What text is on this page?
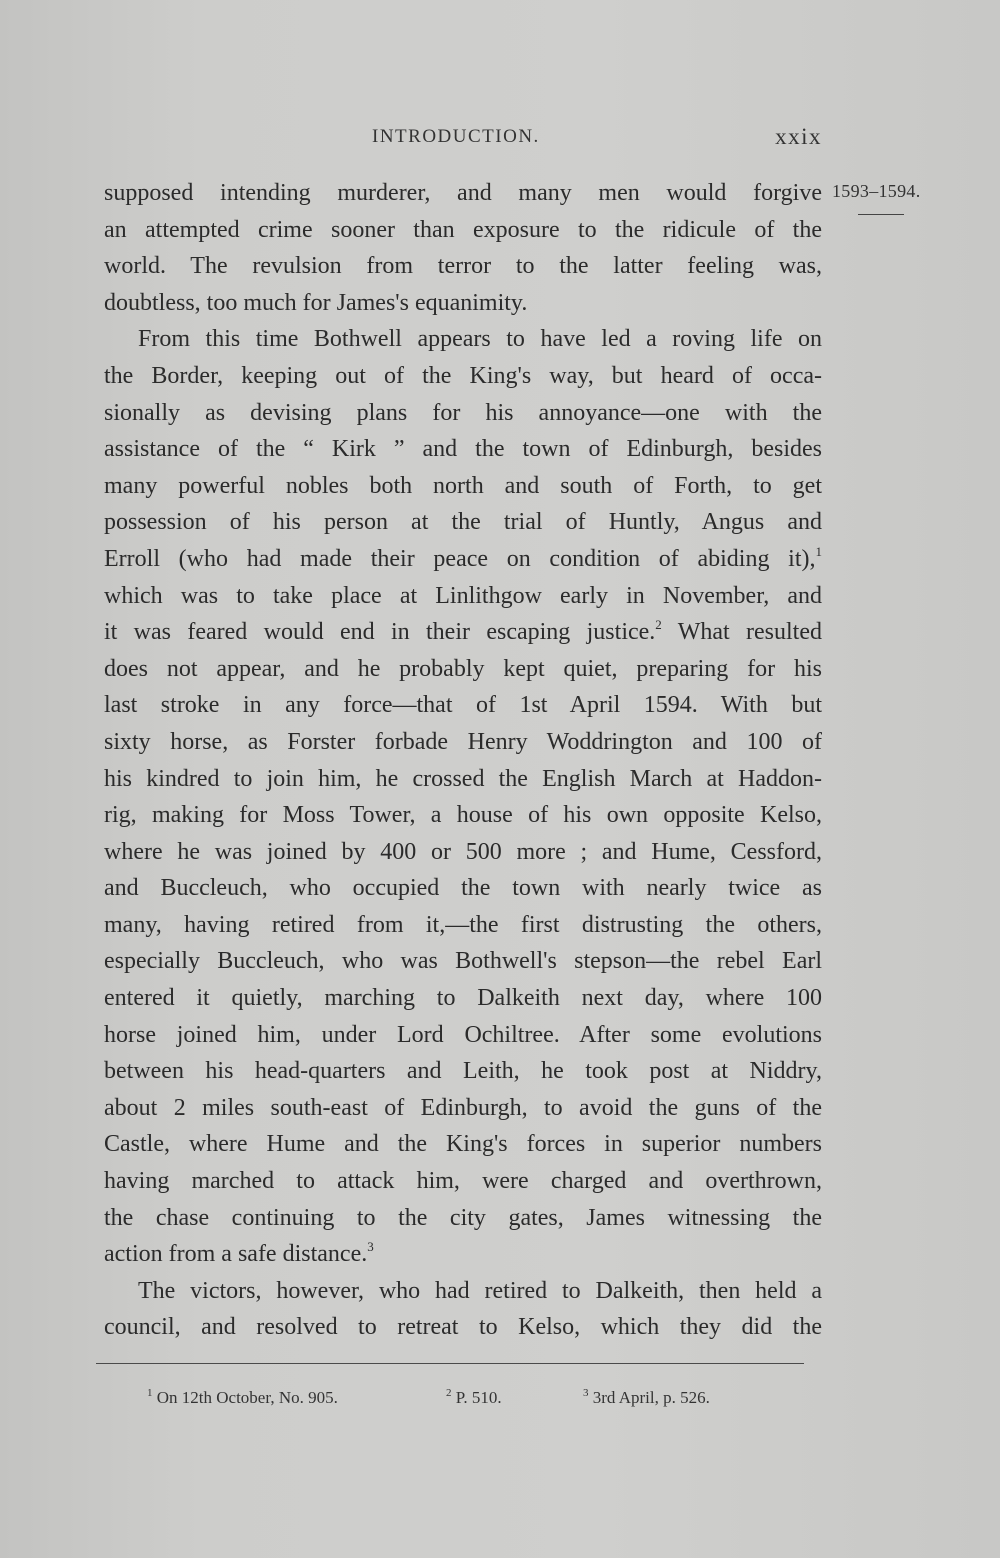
INTRODUCTION.	xxix
1593–1594.
supposed intending murderer, and many men would forgive
an attempted crime sooner than exposure to the ridicule of the
world. The revulsion from terror to the latter feeling was,
doubtless, too much for James's equanimity.
From this time Bothwell appears to have led a roving life on
the Border, keeping out of the King's way, but heard of occa-
sionally as devising plans for his annoyance—one with the
assistance of the “ Kirk ” and the town of Edinburgh, besides
many powerful nobles both north and south of Forth, to get
possession of his person at the trial of Huntly, Angus and
Erroll (who had made their peace on condition of abiding it),$^1$
which was to take place at Linlithgow early in November, and
it was feared would end in their escaping justice.$^2$ What resulted
does not appear, and he probably kept quiet, preparing for his
last stroke in any force—that of 1st April 1594. With but
sixty horse, as Forster forbade Henry Woddrington and 100 of
his kindred to join him, he crossed the English March at Haddon-
rig, making for Moss Tower, a house of his own opposite Kelso,
where he was joined by 400 or 500 more ; and Hume, Cessford,
and Buccleuch, who occupied the town with nearly twice as
many, having retired from it,—the first distrusting the others,
especially Buccleuch, who was Bothwell's stepson—the rebel Earl
entered it quietly, marching to Dalkeith next day, where 100
horse joined him, under Lord Ochiltree. After some evolutions
between his head-quarters and Leith, he took post at Niddry,
about 2 miles south-east of Edinburgh, to avoid the guns of the
Castle, where Hume and the King's forces in superior numbers
having marched to attack him, were charged and overthrown,
the chase continuing to the city gates, James witnessing the
action from a safe distance.$^3$
The victors, however, who had retired to Dalkeith, then held a
council, and resolved to retreat to Kelso, which they did the
$^1$ On 12th October, No. 905.	$^2$ P. 510.	$^3$ 3rd April, p. 526.
